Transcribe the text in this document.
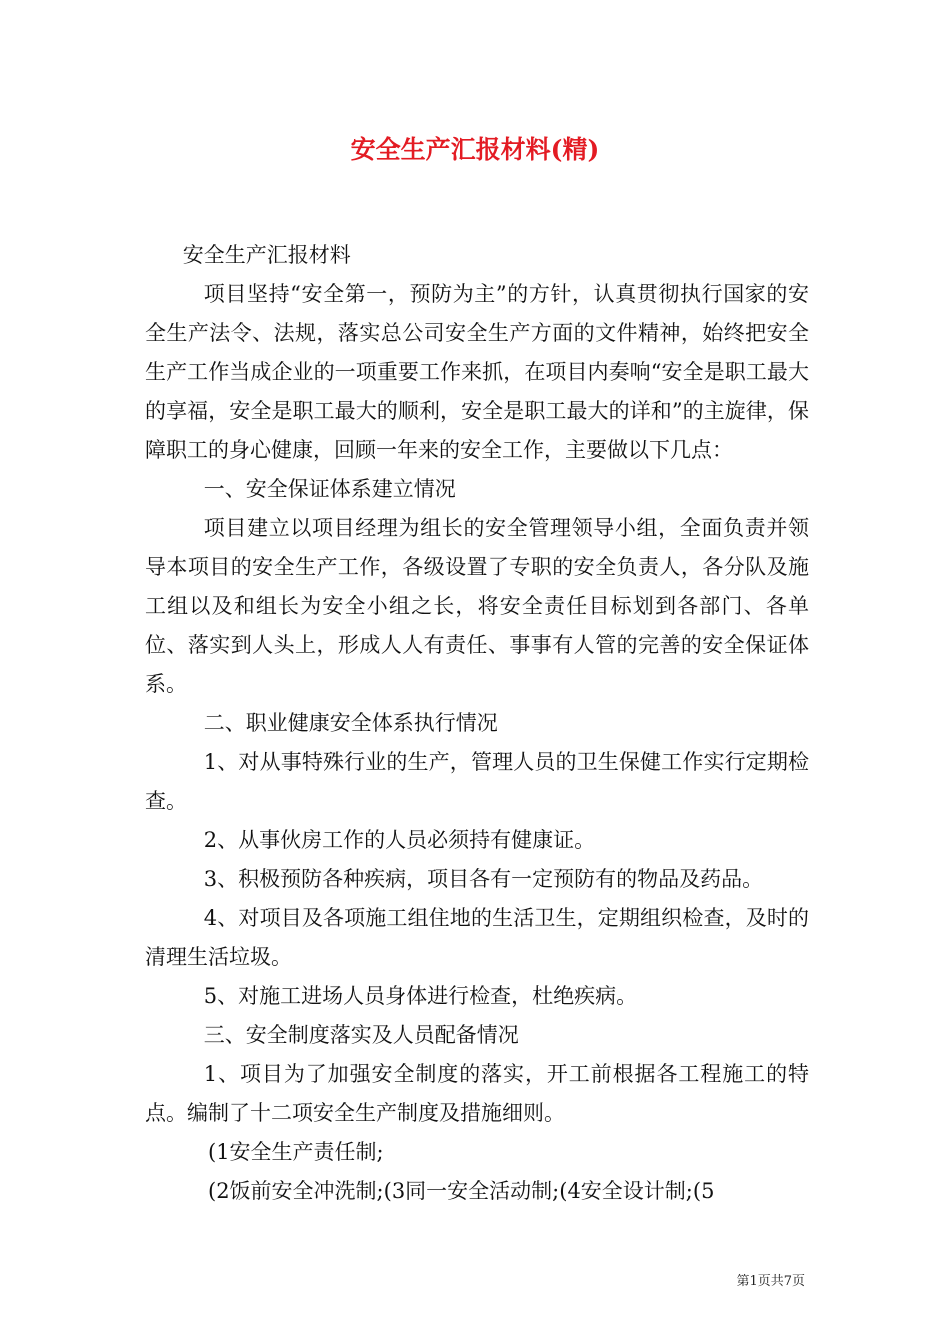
安全生产汇报材料(精)

安全生产汇报材料

项目坚持“安全第一，预防为主”的方针，认真贯彻执行国家的安全生产法令、法规，落实总公司安全生产方面的文件精神，始终把安全生产工作当成企业的一项重要工作来抓，在项目内奏响“安全是职工最大的享福，安全是职工最大的顺利，安全是职工最大的详和”的主旋律，保障职工的身心健康，回顾一年来的安全工作，主要做以下几点：

一、安全保证体系建立情况

项目建立以项目经理为组长的安全管理领导小组，全面负责并领导本项目的安全生产工作，各级设置了专职的安全负责人，各分队及施工组以及和组长为安全小组之长，将安全责任目标划到各部门、各单位、落实到人头上，形成人人有责任、事事有人管的完善的安全保证体系。

二、职业健康安全体系执行情况

1、对从事特殊行业的生产，管理人员的卫生保健工作实行定期检查。

2、从事伙房工作的人员必须持有健康证。

3、积极预防各种疾病，项目各有一定预防有的物品及药品。

4、对项目及各项施工组住地的生活卫生，定期组织检查，及时的清理生活垃圾。

5、对施工进场人员身体进行检查，杜绝疾病。

三、安全制度落实及人员配备情况

1、项目为了加强安全制度的落实，开工前根据各工程施工的特点。编制了十二项安全生产制度及措施细则。

(1安全生产责任制;

(2饭前安全冲洗制;(3同一安全活动制;(4安全设计制;(5

第1页共7页
